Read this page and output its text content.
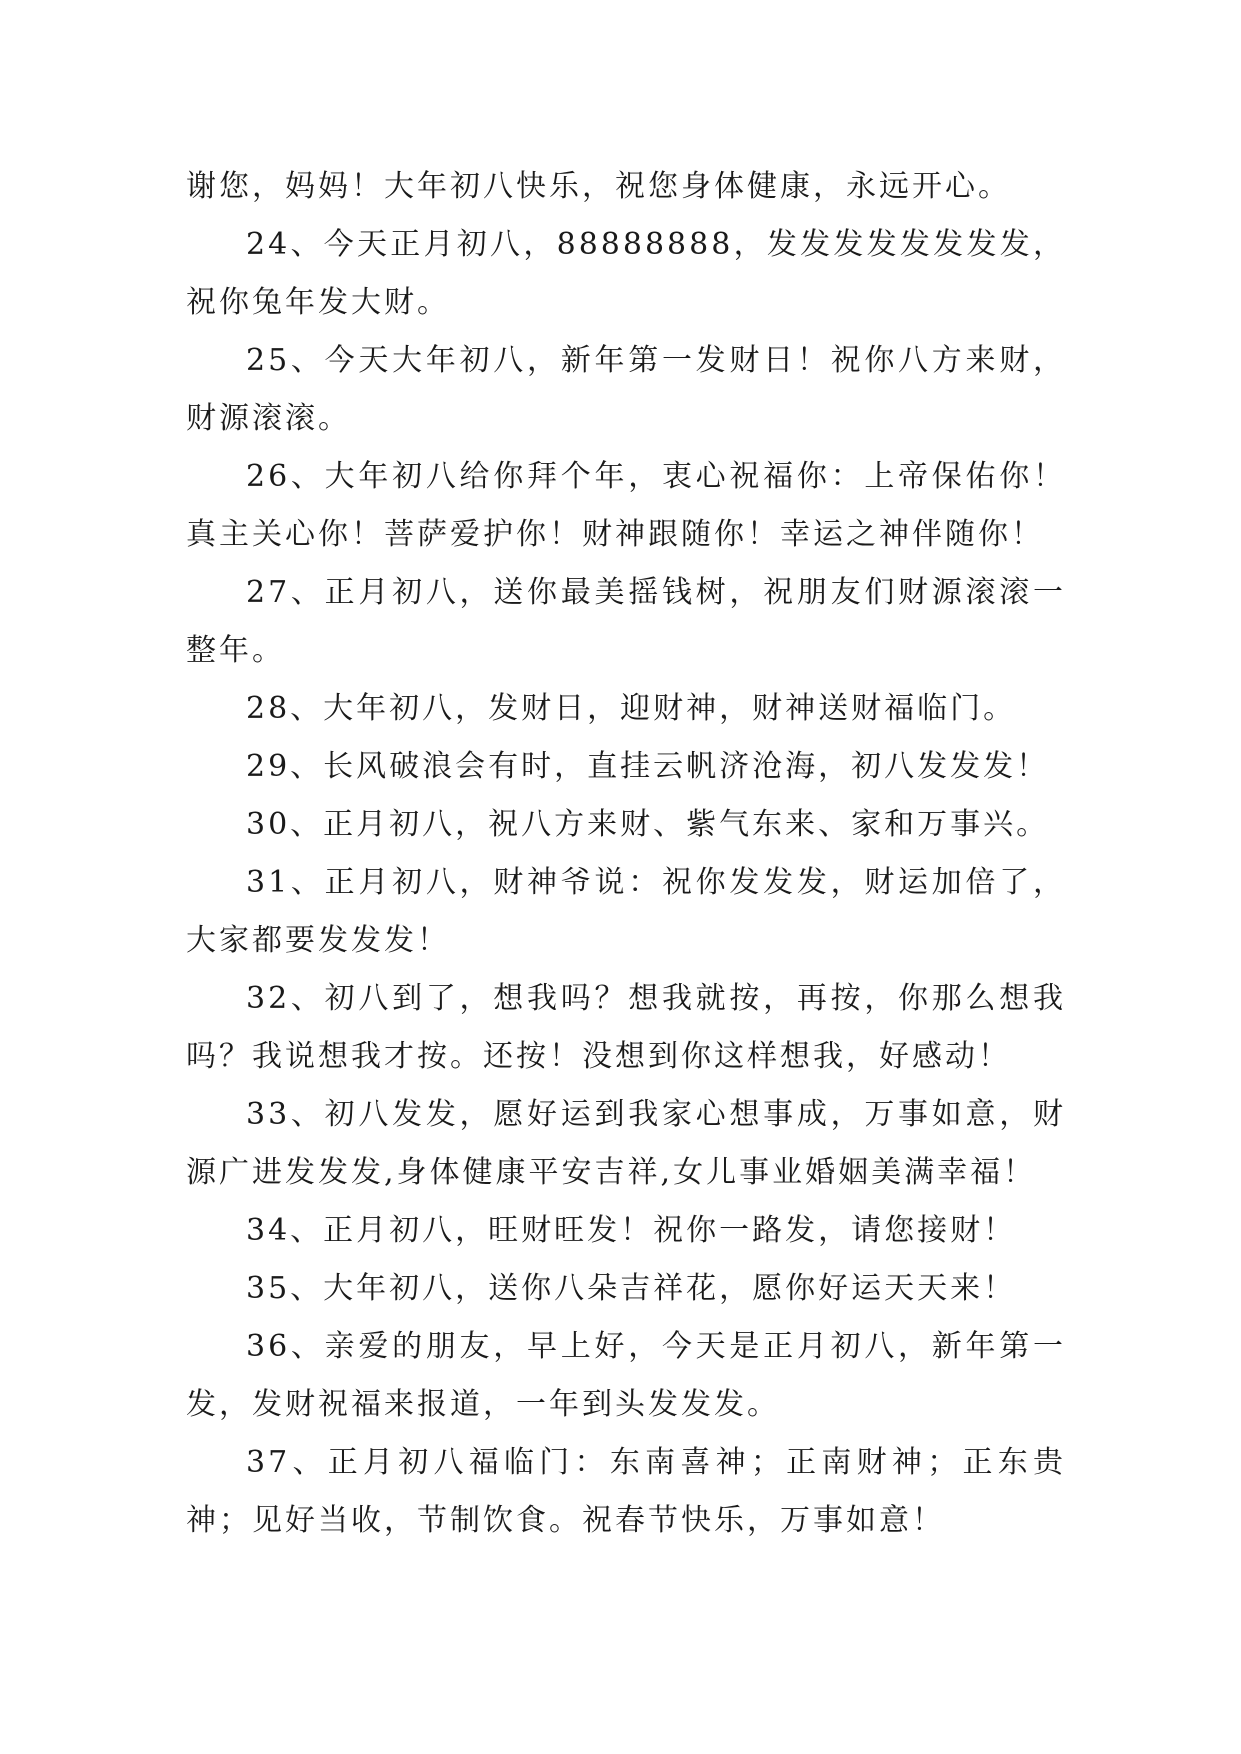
谢您，妈妈！大年初八快乐，祝您身体健康，永远开心。

24、今天正月初八，88888888，发发发发发发发发，祝你兔年发大财。

25、今天大年初八，新年第一发财日！祝你八方来财，财源滚滚。

26、大年初八给你拜个年，衷心祝福你：上帝保佑你！真主关心你！菩萨爱护你！财神跟随你！幸运之神伴随你！

27、正月初八，送你最美摇钱树，祝朋友们财源滚滚一整年。

28、大年初八，发财日，迎财神，财神送财福临门。

29、长风破浪会有时，直挂云帆济沧海，初八发发发！

30、正月初八，祝八方来财、紫气东来、家和万事兴。

31、正月初八，财神爷说：祝你发发发，财运加倍了，大家都要发发发！

32、初八到了，想我吗？想我就按，再按，你那么想我吗？我说想我才按。还按！没想到你这样想我，好感动！

33、初八发发，愿好运到我家心想事成，万事如意，财源广进发发发,身体健康平安吉祥,女儿事业婚姻美满幸福！

34、正月初八，旺财旺发！祝你一路发，请您接财！

35、大年初八，送你八朵吉祥花，愿你好运天天来！

36、亲爱的朋友，早上好，今天是正月初八，新年第一发，发财祝福来报道，一年到头发发发。

37、正月初八福临门：东南喜神；正南财神；正东贵神；见好当收，节制饮食。祝春节快乐，万事如意！
